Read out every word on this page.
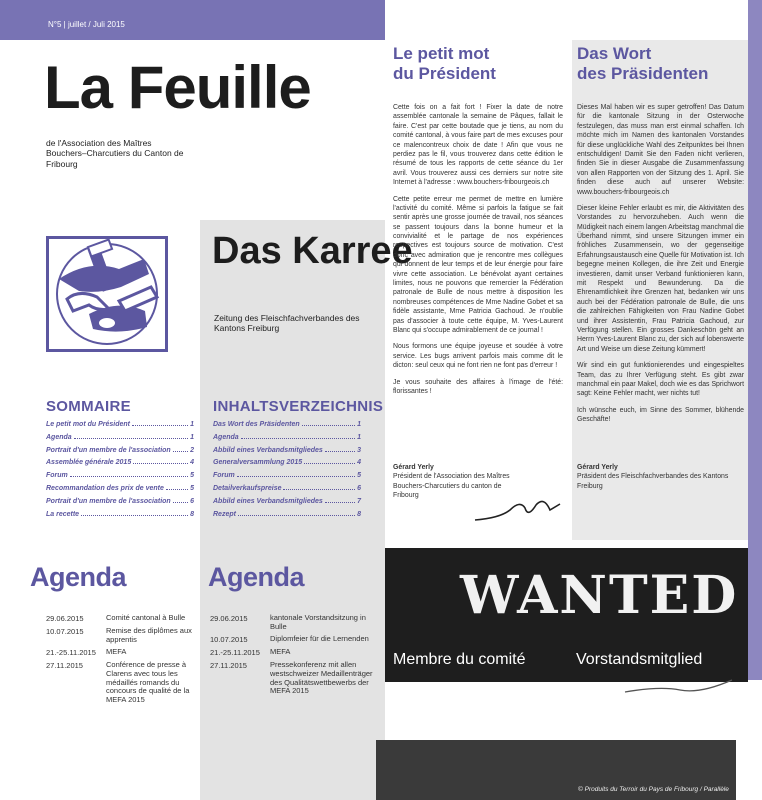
N°5 | juillet / Juli 2015
La Feuille
de l'Association des Maîtres Bouchers–Charcutiers du Canton de Fribourg
Das Karree
Zeitung des Fleischfachverbandes des Kantons Freiburg
SOMMAIRE
Le petit mot du Président	1
Agenda	1
Portrait d'un membre de l'association	2
Assemblée générale 2015	4
Forum	5
Recommandation des prix de vente	5
Portrait d'un membre de l'association	6
La recette	8
INHALTSVERZEICHNIS
Das Wort des Präsidenten	1
Agenda	1
Abbild eines Verbandsmitgliedes	3
Generalversammlung 2015	4
Forum	5
Detailverkaufspreise	6
Abbild eines Verbandsmitgliedes	7
Rezept	8
Agenda
29.06.2015	Comité cantonal à Bulle
10.07.2015	Remise des diplômes aux apprentis
21.-25.11.2015	MEFA
27.11.2015	Conférence de presse à Clarens avec tous les médaillés romands du concours de qualité de la MEFA 2015
Agenda
29.06.2015	kantonale Vorstandsitzung in Bulle
10.07.2015	Diplomfeier für die Lernenden
21.-25.11.2015	MEFA
27.11.2015	Pressekonferenz mit allen westschweizer Medaillenträger des Qualitätswettbewerbs der MEFA 2015
Le petit mot
du Président

Cette fois on a fait fort ! Fixer la date de notre assemblée cantonale la semaine de Pâques, fallait le faire. C'est par cette boutade que je tiens, au nom du comité cantonal, à vous faire part de mes excuses pour ce malencontreux choix de date ! Afin que vous ne perdiez pas le fil, vous trouverez dans cette édition le résumé de tous les rapports de cette séance du 1er avril. Vous trouverez aussi ces derniers sur notre site Internet à l'adresse : www.bouchers-fribourgeois.ch

Cette petite erreur me permet de mettre en lumière l'activité du comité. Même si parfois la fatigue se fait sentir après une grosse journée de travail, nos séances se passent toujours dans la bonne humeur et la convivialité et le partage de nos expériences respectives est toujours source de motivation. C'est donc avec admiration que je rencontre mes collègues qui donnent de leur temps et de leur énergie pour faire vivre cette association. Le bénévolat ayant certaines limites, nous ne pouvons que remercier la Fédération patronale de Bulle de nous mettre à disposition les nombreuses compétences de Mme Nadine Gobet et sa fidèle assistante, Mme Patricia Gachoud. Je n'oublie pas d'associer à toute cette équipe, M. Yves-Laurent Blanc qui s'occupe admirablement de ce journal !

Nous formons une équipe joyeuse et soudée à votre service. Les bugs arrivent parfois mais comme dit le dicton: seul ceux qui ne font rien ne font pas d'erreur !

Je vous souhaite des affaires à l'image de l'été: florissantes !

Gérard Yerly
Président de l'Association des Maîtres Bouchers-Charcutiers du canton de Fribourg
Das Wort
des Präsidenten

Dieses Mal haben wir es super getroffen! Das Datum für die kantonale Sitzung in der Osterwoche festzulegen, das muss man erst einmal schaffen. Ich möchte mich im Namen des kantonalen Vorstandes für diese unglückliche Wahl des Zeitpunktes bei Ihnen entschuldigen! Damit Sie den Faden nicht verlieren, finden Sie in dieser Ausgabe die Zusammenfassung von allen Rapporten von der Sitzung des 1. April. Sie finden diese auch auf unserer Website: www.bouchers-fribourgeois.ch

Dieser kleine Fehler erlaubt es mir, die Aktivitäten des Vorstandes zu hervorzuheben. Auch wenn die Müdigkeit nach einem langen Arbeitstag manchmal die Überhand nimmt, sind unsere Sitzungen immer ein fröhliches Zusammensein, wo der gegenseitige Erfahrungsaustausch eine Quelle für Motivation ist. Ich begegne meinen Kollegen, die ihre Zeit und Energie investieren, damit unser Verband funktionieren kann, mit Respekt und Bewunderung. Da die Ehrenamtlichkeit ihre Grenzen hat, bedanken wir uns auch bei der Fédération patronale de Bulle, die uns die zahlreichen Fähigkeiten von Frau Nadine Gobet und ihrer Assistentin, Frau Patricia Gachoud, zur Verfügung stellen. Ein grosses Dankeschön geht an Herrn Yves-Laurent Blanc zu, der sich auf lobenswerte Art und Weise um diese Zeitung kümmert!

Wir sind ein gut funktionierendes und eingespieltes Team, das zu Ihrer Verfügung steht. Es gibt zwar manchmal ein paar Makel, doch wie es das Sprichwort sagt: Keine Fehler macht, wer nichts tut!

Ich wünsche euch, im Sinne des Sommer, blühende Geschäfte!

Gérard Yerly
Präsident des Fleischfachverbandes des Kantons Freiburg
WANTED
Membre du comité	Vorstandsmitglied
© Produits du Terroir du Pays de Fribourg / Parallèle
